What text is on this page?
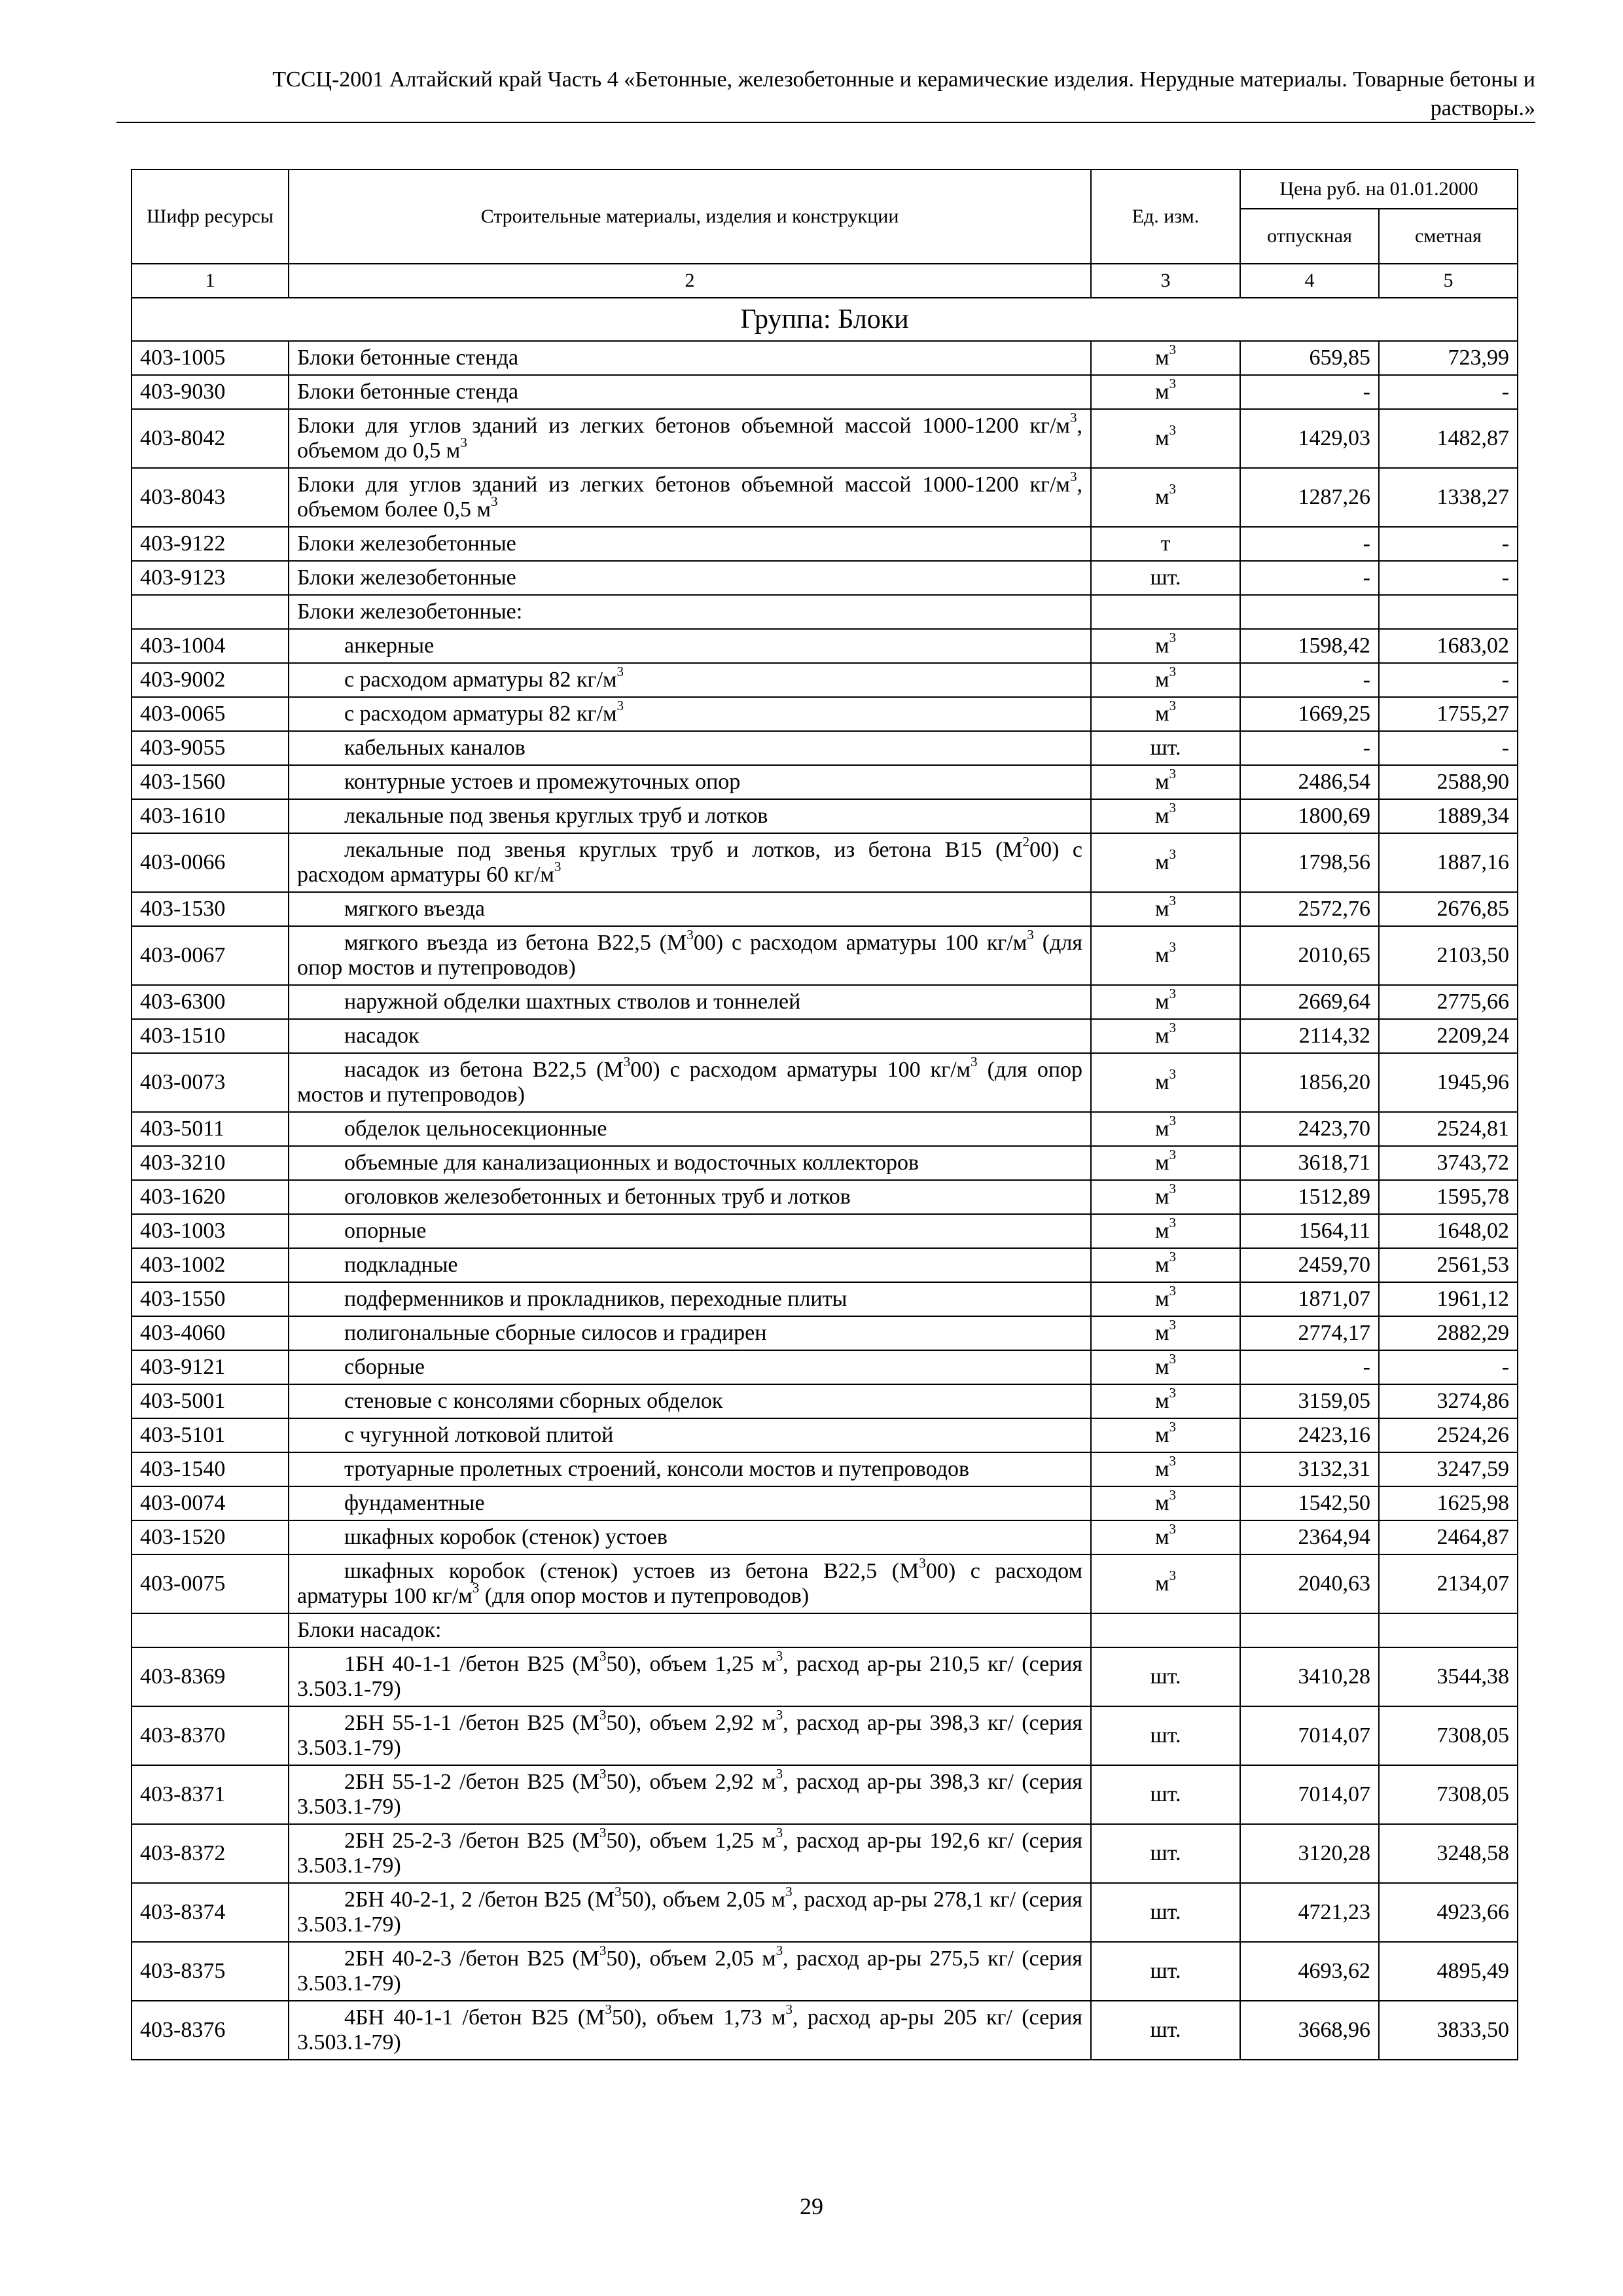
ТССЦ-2001 Алтайский край Часть 4 «Бетонные, железобетонные и керамические изделия. Нерудные материалы. Товарные бетоны и
растворы.»
Шифр ресурсы	Строительные материалы, изделия и конструкции	Ед. изм.	Цена руб. на 01.01.2000	
			отпускная	сметная
1	2	3	4	5
Группа: Блоки				
403-1005	Блоки бетонные стенда	$м^3$	659,85	723,99
403-9030	Блоки бетонные стенда	$м^3$	-	-
403-8042	Блоки для углов зданий из легких бетонов объемной массой 1000-1200 $кг/м^3$, объемом до 0,5 $м^3$	$м^3$	1429,03	1482,87
403-8043	Блоки для углов зданий из легких бетонов объемной массой 1000-1200 $кг/м^3$, объемом более 0,5 $м^3$	$м^3$	1287,26	1338,27
403-9122	Блоки железобетонные	т	-	-
403-9123	Блоки железобетонные	шт.	-	-
	Блоки железобетонные:			
403-1004	анкерные	$м^3$	1598,42	1683,02
403-9002	с расходом арматуры 82 $кг/м^3$	$м^3$	-	-
403-0065	с расходом арматуры 82 $кг/м^3$	$м^3$	1669,25	1755,27
403-9055	кабельных каналов	шт.	-	-
403-1560	контурные устоев и промежуточных опор	$м^3$	2486,54	2588,90
403-1610	лекальные под звенья круглых труб и лотков	$м^3$	1800,69	1889,34
403-0066	лекальные под звенья круглых труб и лотков, из бетона В15 $(М^200)$ с расходом арматуры 60 $кг/м^3$	$м^3$	1798,56	1887,16
403-1530	мягкого въезда	$м^3$	2572,76	2676,85
403-0067	мягкого въезда из бетона В22,5 $(М^300)$ с расходом арматуры 100 $кг/м^3$ (для опор мостов и путепроводов)	$м^3$	2010,65	2103,50
403-6300	наружной обделки шахтных стволов и тоннелей	$м^3$	2669,64	2775,66
403-1510	насадок	$м^3$	2114,32	2209,24
403-0073	насадок из бетона В22,5 $(М^300)$ с расходом арматуры 100 $кг/м^3$ (для опор мостов и путепроводов)	$м^3$	1856,20	1945,96
403-5011	обделок цельносекционные	$м^3$	2423,70	2524,81
403-3210	объемные для канализационных и водосточных коллекторов	$м^3$	3618,71	3743,72
403-1620	оголовков железобетонных и бетонных труб и лотков	$м^3$	1512,89	1595,78
403-1003	опорные	$м^3$	1564,11	1648,02
403-1002	подкладные	$м^3$	2459,70	2561,53
403-1550	подферменников и прокладников, переходные плиты	$м^3$	1871,07	1961,12
403-4060	полигональные сборные силосов и градирен	$м^3$	2774,17	2882,29
403-9121	сборные	$м^3$	-	-
403-5001	стеновые с консолями сборных обделок	$м^3$	3159,05	3274,86
403-5101	с чугунной лотковой плитой	$м^3$	2423,16	2524,26
403-1540	тротуарные пролетных строений, консоли мостов и путепроводов	$м^3$	3132,31	3247,59
403-0074	фундаментные	$м^3$	1542,50	1625,98
403-1520	шкафных коробок (стенок) устоев	$м^3$	2364,94	2464,87
403-0075	шкафных коробок (стенок) устоев из бетона В22,5 $(М^300)$ с расходом арматуры 100 $кг/м^3$ (для опор мостов и путепроводов)	$м^3$	2040,63	2134,07
	Блоки насадок:			
403-8369	1БН 40-1-1 /бетон В25 $(М^350)$, объем 1,25 $м^3$, расход ар-ры 210,5 кг/ (серия 3.503.1-79)	шт.	3410,28	3544,38
403-8370	2БН 55-1-1 /бетон В25 $(М^350)$, объем 2,92 $м^3$, расход ар-ры 398,3 кг/ (серия 3.503.1-79)	шт.	7014,07	7308,05
403-8371	2БН 55-1-2 /бетон В25 $(М^350)$, объем 2,92 $м^3$, расход ар-ры 398,3 кг/ (серия 3.503.1-79)	шт.	7014,07	7308,05
403-8372	2БН 25-2-3 /бетон В25 $(М^350)$, объем 1,25 $м^3$, расход ар-ры 192,6 кг/ (серия 3.503.1-79)	шт.	3120,28	3248,58
403-8374	2БН 40-2-1, 2 /бетон В25 $(М^350)$, объем 2,05 $м^3$, расход ар-ры 278,1 кг/ (серия 3.503.1-79)	шт.	4721,23	4923,66
403-8375	2БН 40-2-3 /бетон В25 $(М^350)$, объем 2,05 $м^3$, расход ар-ры 275,5 кг/ (серия 3.503.1-79)	шт.	4693,62	4895,49
403-8376	4БН 40-1-1 /бетон В25 $(М^350)$, объем 1,73 $м^3$, расход ар-ры 205 кг/ (серия 3.503.1-79)	шт.	3668,96	3833,50
29
